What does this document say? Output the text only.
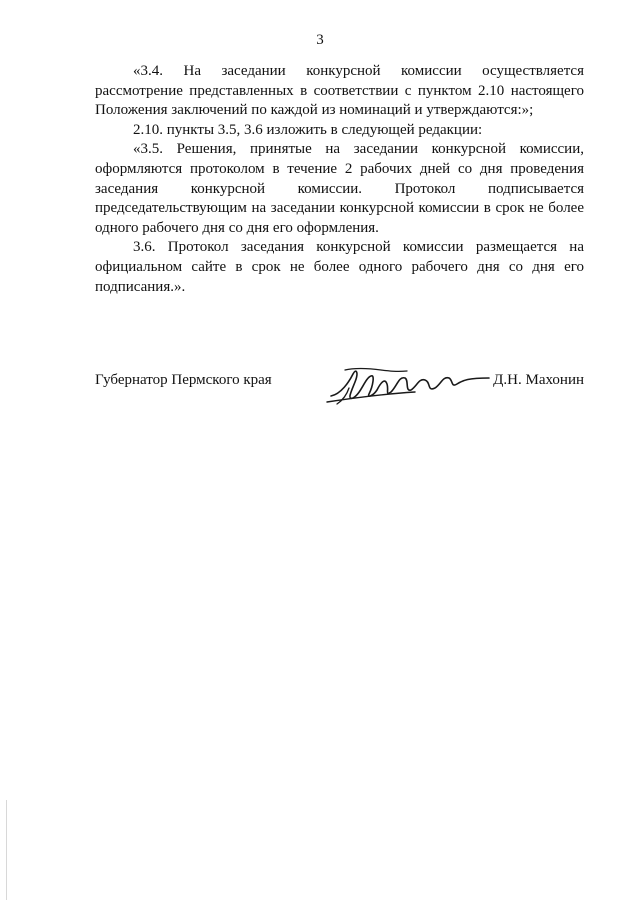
3

«3.4. На заседании конкурсной комиссии осуществляется рассмотрение представленных в соответствии с пунктом 2.10 настоящего Положения заключений по каждой из номинаций и утверждаются:»;

2.10. пункты 3.5, 3.6 изложить в следующей редакции:

«3.5. Решения, принятые на заседании конкурсной комиссии, оформляются протоколом в течение 2 рабочих дней со дня проведения заседания конкурсной комиссии. Протокол подписывается председательствующим на заседании конкурсной комиссии в срок не более одного рабочего дня со дня его оформления.

3.6. Протокол заседания конкурсной комиссии размещается на официальном сайте в срок не более одного рабочего дня со дня его подписания.».

Губернатор Пермского края	Д.Н. Махонин
